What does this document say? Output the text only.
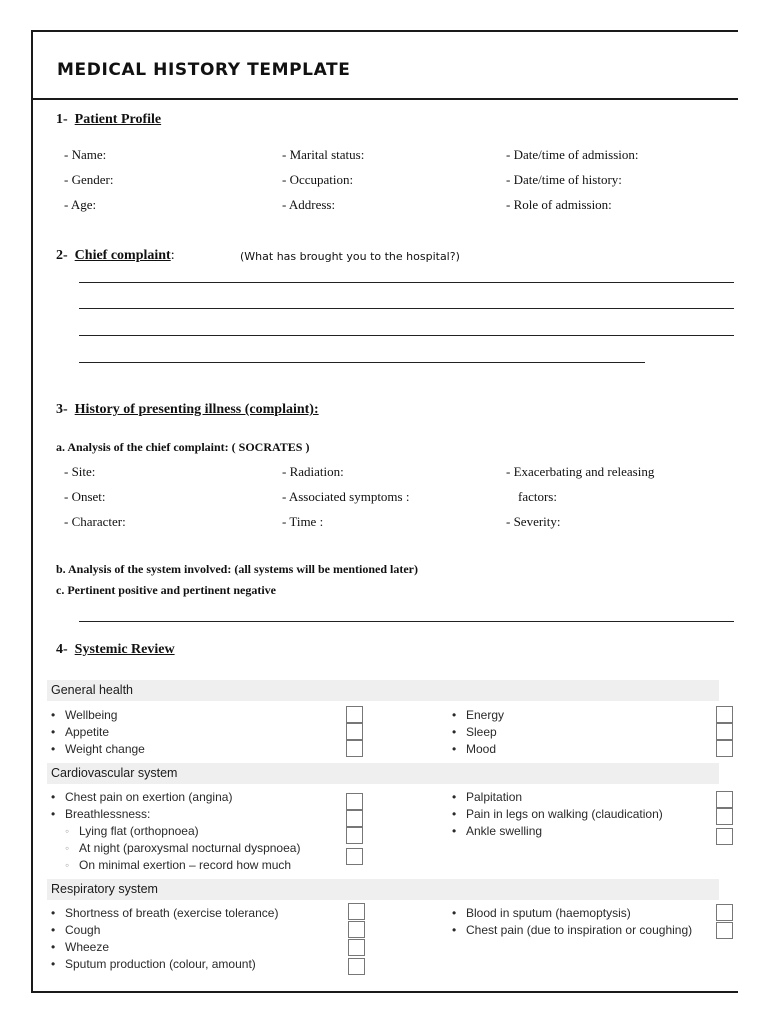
MEDICAL HISTORY TEMPLATE
1- Patient Profile
- Name:
- Gender:
- Age:
- Marital status:
- Occupation:
- Address:
- Date/time of admission:
- Date/time of history:
- Role of admission:
2- Chief complaint:	(What has brought you to the hospital?)
3- History of presenting illness (complaint):
a. Analysis of the chief complaint: ( SOCRATES )
- Site:
- Onset:
- Character:
- Radiation:
- Associated symptoms :
- Time :
- Exacerbating and releasing
factors:
- Severity:
b. Analysis of the system involved: (all systems will be mentioned later)
c. Pertinent positive and pertinent negative
4- Systemic Review
General health
• Wellbeing
• Appetite
• Weight change
• Energy
• Sleep
• Mood
Cardiovascular system
• Chest pain on exertion (angina)
• Breathlessness:
◦ Lying flat (orthopnoea)
◦ At night (paroxysmal nocturnal dyspnoea)
◦ On minimal exertion – record how much
• Palpitation
• Pain in legs on walking (claudication)
• Ankle swelling
Respiratory system
• Shortness of breath (exercise tolerance)
• Cough
• Wheeze
• Sputum production (colour, amount)
• Blood in sputum (haemoptysis)
• Chest pain (due to inspiration or coughing)
